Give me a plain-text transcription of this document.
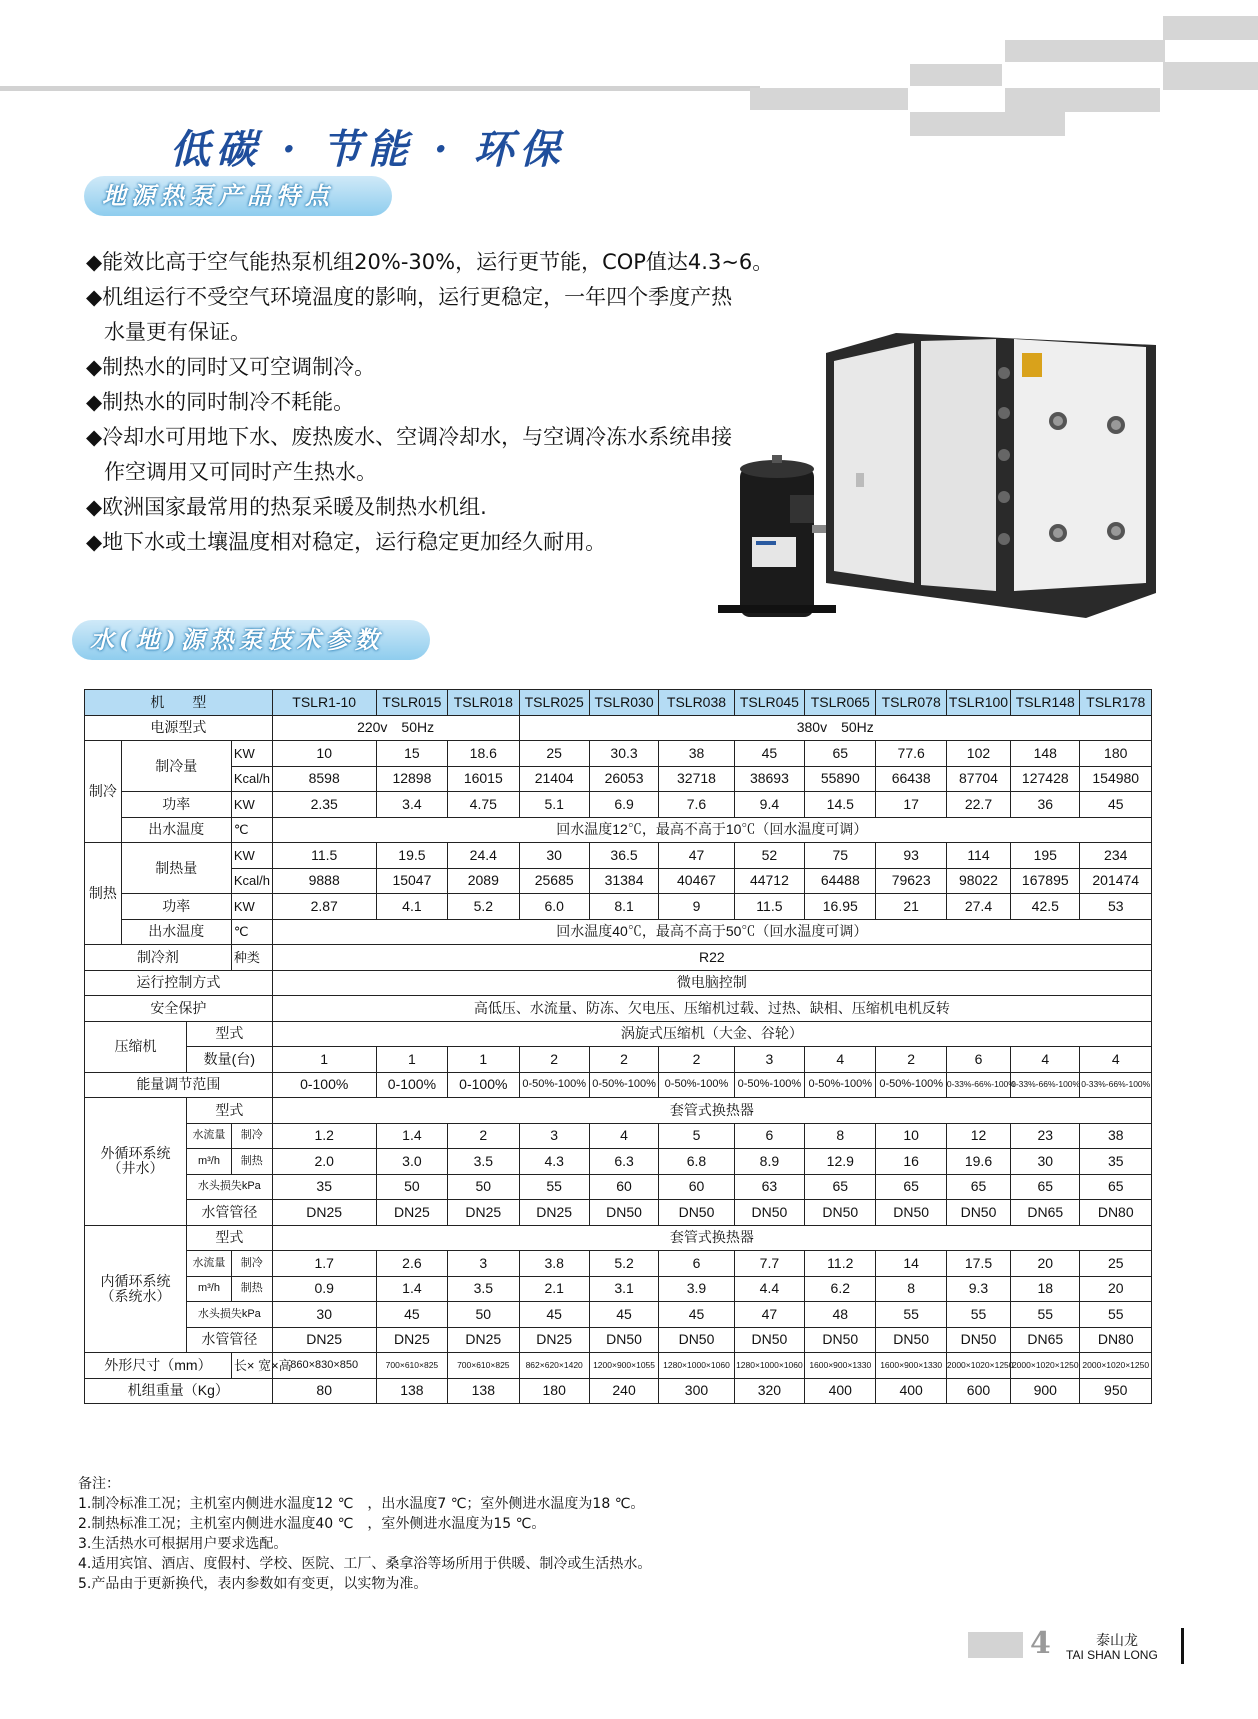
低碳 · 节能 · 环保
地源热泵产品特点
◆能效比高于空气能热泵机组20%-30%，运行更节能，COP值达4.3~6。
◆机组运行不受空气环境温度的影响，运行更稳定，一年四个季度产热
水量更有保证。
◆制热水的同时又可空调制冷。
◆制热水的同时制冷不耗能。
◆冷却水可用地下水、废热废水、空调冷却水，与空调冷冻水系统串接
作空调用又可同时产生热水。
◆欧洲国家最常用的热泵采暖及制热水机组.
◆地下水或土壤温度相对稳定，运行稳定更加经久耐用。
水(地)源热泵技术参数
机　　型				TSLR1-10	TSLR015	TSLR018	TSLR025	TSLR030	TSLR038	TSLR045	TSLR065	TSLR078	TSLR100	TSLR148	TSLR178
电源型式				220v　50Hz			380v　50Hz								
制冷	制冷量		KW	10	15	18.6	25	30.3	38	45	65	77.6	102	148	180
			Kcal/h	8598	12898	16015	21404	26053	32718	38693	55890	66438	87704	127428	154980
	功率		KW	2.35	3.4	4.75	5.1	6.9	7.6	9.4	14.5	17	22.7	36	45
	出水温度		℃	回水温度12℃，最高不高于10℃（回水温度可调）											
制热	制热量		KW	11.5	19.5	24.4	30	36.5	47	52	75	93	114	195	234
			Kcal/h	9888	15047	2089	25685	31384	40467	44712	64488	79623	98022	167895	201474
	功率		KW	2.87	4.1	5.2	6.0	8.1	9	11.5	16.95	21	27.4	42.5	53
	出水温度		℃	回水温度40℃，最高不高于50℃（回水温度可调）											
制冷剂			种类	R22											
运行控制方式				微电脑控制											
安全保护				高低压、水流量、防冻、欠电压、压缩机过载、过热、缺相、压缩机电机反转											
压缩机		型式		涡旋式压缩机（大金、谷轮）											
		数量(台)		1	1	1	2	2	2	3	4	2	6	4	4
能量调节范围				0-100%	0-100%	0-100%	0-50%-100%	0-50%-100%	0-50%-100%	0-50%-100%	0-50%-100%	0-50%-100%	0-33%-66%-100%	0-33%-66%-100%	0-33%-66%-100%

外循环系统
（井水）		型式		套管式换热器											
		水流量	制冷	1.2	1.4	2	3	4	5	6	8	10	12	23	38
		m³/h	制热	2.0	3.0	3.5	4.3	6.3	6.8	8.9	12.9	16	19.6	30	35
		水头损失kPa		35	50	50	55	60	60	63	65	65	65	65	65
		水管管径		DN25	DN25	DN25	DN25	DN50	DN50	DN50	DN50	DN50	DN50	DN65	DN80

内循环系统
（系统水）		型式		套管式换热器											
		水流量	制冷	1.7	2.6	3	3.8	5.2	6	7.7	11.2	14	17.5	20	25
		m³/h	制热	0.9	1.4	3.5	2.1	3.1	3.9	4.4	6.2	8	9.3	18	20
		水头损失kPa		30	45	50	45	45	45	47	48	55	55	55	55
		水管管径		DN25	DN25	DN25	DN25	DN50	DN50	DN50	DN50	DN50	DN50	DN65	DN80
外形尺寸（mm）			长× 宽×高	860×830×850	700×610×825	700×610×825	862×620×1420	1200×900×1055	1280×1000×1060	1280×1000×1060	1600×900×1330	1600×900×1330	2000×1020×1250	2000×1020×1250	2000×1020×1250
机组重量（Kg）				80	138	138	180	240	300	320	400	400	600	900	950
备注：
1.制冷标准工况；主机室内侧进水温度12 ℃　，出水温度7 ℃；室外侧进水温度为18 ℃。
2.制热标准工况；主机室内侧进水温度40 ℃　，室外侧进水温度为15 ℃。
3.生活热水可根据用户要求选配。
4.适用宾馆、酒店、度假村、学校、医院、工厂、桑拿浴等场所用于供暖、制冷或生活热水。
5.产品由于更新换代，表内参数如有变更，以实物为准。
4	泰山龙
TAI SHAN LONG
